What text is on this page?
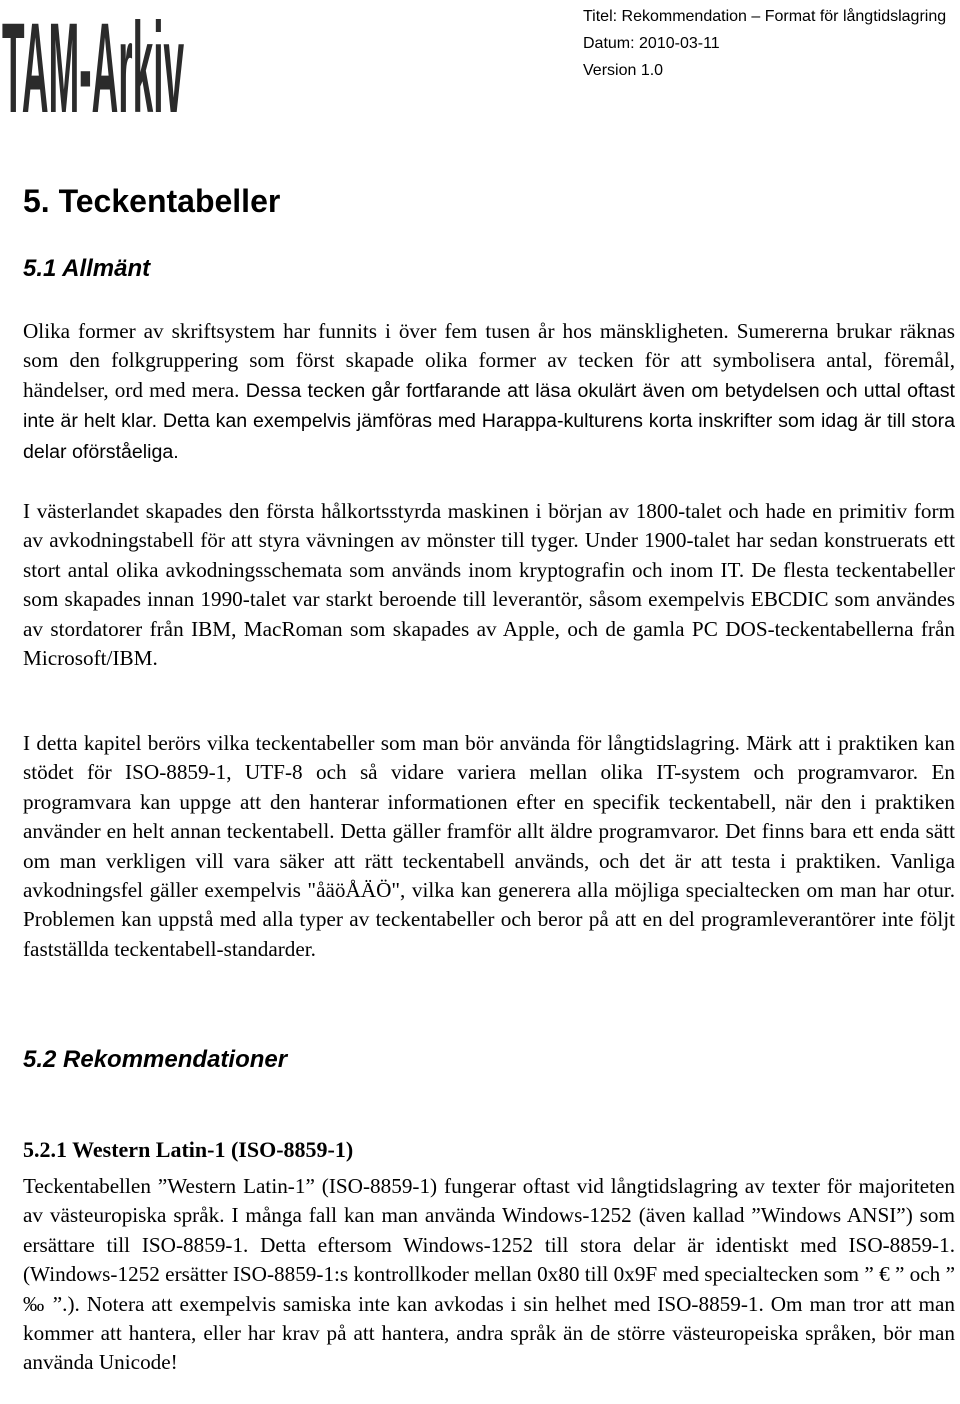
TAM-Arkiv	Titel: Rekommendation – Format för långtidslagring
Datum: 2010-03-11
Version 1.0
5. Teckentabeller
5.1 Allmänt

Olika former av skriftsystem har funnits i över fem tusen år hos mänskligheten. Sumererna brukar räknas som den folkgruppering som först skapade olika former av tecken för att symbolisera antal, föremål, händelser, ord med mera. Dessa tecken går fortfarande att läsa okulärt även om betydelsen och uttal oftast inte är helt klar. Detta kan exempelvis jämföras med Harappa-kulturens korta inskrifter som idag är till stora delar oförståeliga.

I västerlandet skapades den första hålkortsstyrda maskinen i början av 1800-talet och hade en primitiv form av avkodningstabell för att styra vävningen av mönster till tyger. Under 1900-talet har sedan konstruerats ett stort antal olika avkodningsschemata som används inom kryptografin och inom IT. De flesta teckentabeller som skapades innan 1990-talet var starkt beroende till leverantör, såsom exempelvis EBCDIC som användes av stordatorer från IBM, MacRoman som skapades av Apple, och de gamla PC DOS-teckentabellerna från Microsoft/IBM.

I detta kapitel berörs vilka teckentabeller som man bör använda för långtidslagring. Märk att i praktiken kan stödet för ISO-8859-1, UTF-8 och så vidare variera mellan olika IT-system och programvaror. En programvara kan uppge att den hanterar informationen efter en specifik teckentabell, när den i praktiken använder en helt annan teckentabell. Detta gäller framför allt äldre programvaror. Det finns bara ett enda sätt om man verkligen vill vara säker att rätt teckentabell används, och det är att testa i praktiken. Vanliga avkodningsfel gäller exempelvis "åäöÅÄÖ", vilka kan generera alla möjliga specialtecken om man har otur. Problemen kan uppstå med alla typer av teckentabeller och beror på att en del programleverantörer inte följt fastställda teckentabell-standarder.

5.2 Rekommendationer
5.2.1 Western Latin-1 (ISO-8859-1)

Teckentabellen ”Western Latin-1” (ISO-8859-1) fungerar oftast vid långtidslagring av texter för majoriteten av västeuropiska språk. I många fall kan man använda Windows-1252 (även kallad ”Windows ANSI”) som ersättare till ISO-8859-1. Detta eftersom Windows-1252 till stora delar är identiskt med ISO-8859-1. (Windows-1252 ersätter ISO-8859-1:s kontrollkoder mellan 0x80 till 0x9F med specialtecken som ” € ” och ” ‰ ”.). Notera att exempelvis samiska inte kan avkodas i sin helhet med ISO-8859-1. Om man tror att man kommer att hantera, eller har krav på att hantera, andra språk än de större västeuropeiska språken, bör man använda Unicode!
